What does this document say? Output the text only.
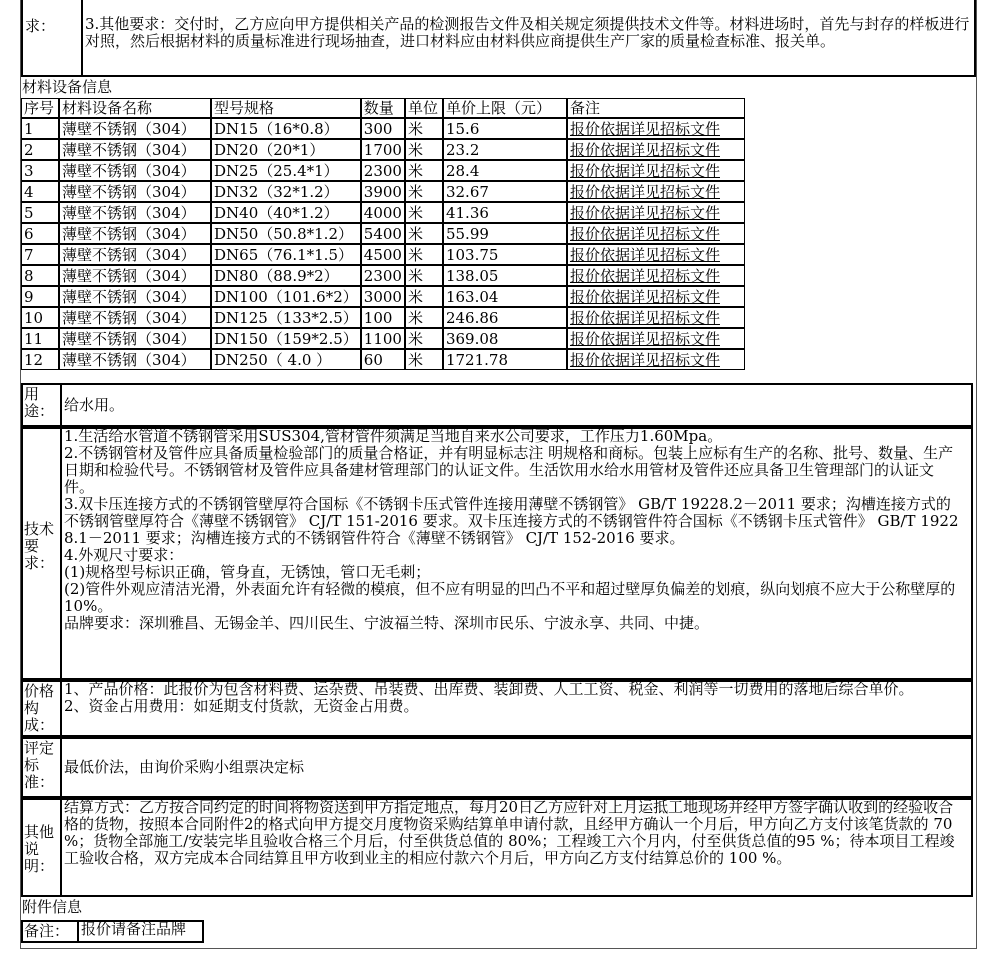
求：	3.其他要求：交付时，乙方应向甲方提供相关产品的检测报告文件及相关规定须提供技术文件等。材料进场时，首先与封存的样板进行对照，然后根据材料的质量标准进行现场抽查，进口材料应由材料供应商提供生产厂家的质量检查标准、报关单。
材料设备信息
序号	材料设备名称	型号规格	数量	单位	单价上限（元）	备注
1	薄壁不锈钢（304）	DN15（16*0.8）	300	米	15.6	报价依据详见招标文件
2	薄壁不锈钢（304）	DN20（20*1）	1700	米	23.2	报价依据详见招标文件
3	薄壁不锈钢（304）	DN25（25.4*1）	2300	米	28.4	报价依据详见招标文件
4	薄壁不锈钢（304）	DN32（32*1.2）	3900	米	32.67	报价依据详见招标文件
5	薄壁不锈钢（304）	DN40（40*1.2）	4000	米	41.36	报价依据详见招标文件
6	薄壁不锈钢（304）	DN50（50.8*1.2）	5400	米	55.99	报价依据详见招标文件
7	薄壁不锈钢（304）	DN65（76.1*1.5）	4500	米	103.75	报价依据详见招标文件
8	薄壁不锈钢（304）	DN80（88.9*2）	2300	米	138.05	报价依据详见招标文件
9	薄壁不锈钢（304）	DN100（101.6*2）	3000	米	163.04	报价依据详见招标文件
10	薄壁不锈钢（304）	DN125（133*2.5）	100	米	246.86	报价依据详见招标文件
11	薄壁不锈钢（304）	DN150（159*2.5）	1100	米	369.08	报价依据详见招标文件
12	薄壁不锈钢（304）	DN250（ 4.0 ）	60	米	1721.78	报价依据详见招标文件
用途： 给水用。
技术要求：
1.生活给水管道不锈钢管采用SUS304,管材管件须满足当地自来水公司要求，工作压力1.60Mpa。
2.不锈钢管材及管件应具备质量检验部门的质量合格证，并有明显标志注 明规格和商标。包装上应标有生产的名称、批号、数量、生产日期和检验代号。不锈钢管材及管件应具备建材管理部门的认证文件。生活饮用水给水用管材及管件还应具备卫生管理部门的认证文件。
3.双卡压连接方式的不锈钢管壁厚符合国标《不锈钢卡压式管件连接用薄壁不锈钢管》 GB/T 19228.2－2011 要求；沟槽连接方式的不锈钢管壁厚符合《薄壁不锈钢管》 CJ/T 151-2016 要求。双卡压连接方式的不锈钢管件符合国标《不锈钢卡压式管件》 GB/T 19228.1－2011 要求；沟槽连接方式的不锈钢管件符合《薄壁不锈钢管》 CJ/T 152-2016 要求。
4.外观尺寸要求：
(1)规格型号标识正确，管身直，无锈蚀，管口无毛刺；
(2)管件外观应清洁光滑，外表面允许有轻微的模痕，但不应有明显的凹凸不平和超过壁厚负偏差的划痕，纵向划痕不应大于公称壁厚的10%。
品牌要求：深圳雅昌、无锡金羊、四川民生、宁波福兰特、深圳市民乐、宁波永享、共同、中捷。
价格构成：
1、产品价格：此报价为包含材料费、运杂费、吊装费、出库费、装卸费、人工工资、税金、利润等一切费用的落地后综合单价。
2、资金占用费用：如延期支付货款，无资金占用费。
评定标准：
最低价法，由询价采购小组票决定标
其他说明：
结算方式：乙方按合同约定的时间将物资送到甲方指定地点，每月20日乙方应针对上月运抵工地现场并经甲方签字确认收到的经验收合格的货物，按照本合同附件2的格式向甲方提交月度物资采购结算单申请付款，且经甲方确认一个月后，甲方向乙方支付该笔货款的 70 %；货物全部施工/安装完毕且验收合格三个月后，付至供货总值的 80%；工程竣工六个月内，付至供货总值的95 %；待本项目工程竣工验收合格，双方完成本合同结算且甲方收到业主的相应付款六个月后，甲方向乙方支付结算总价的 100 %。
附件信息
备注： 报价请备注品牌
